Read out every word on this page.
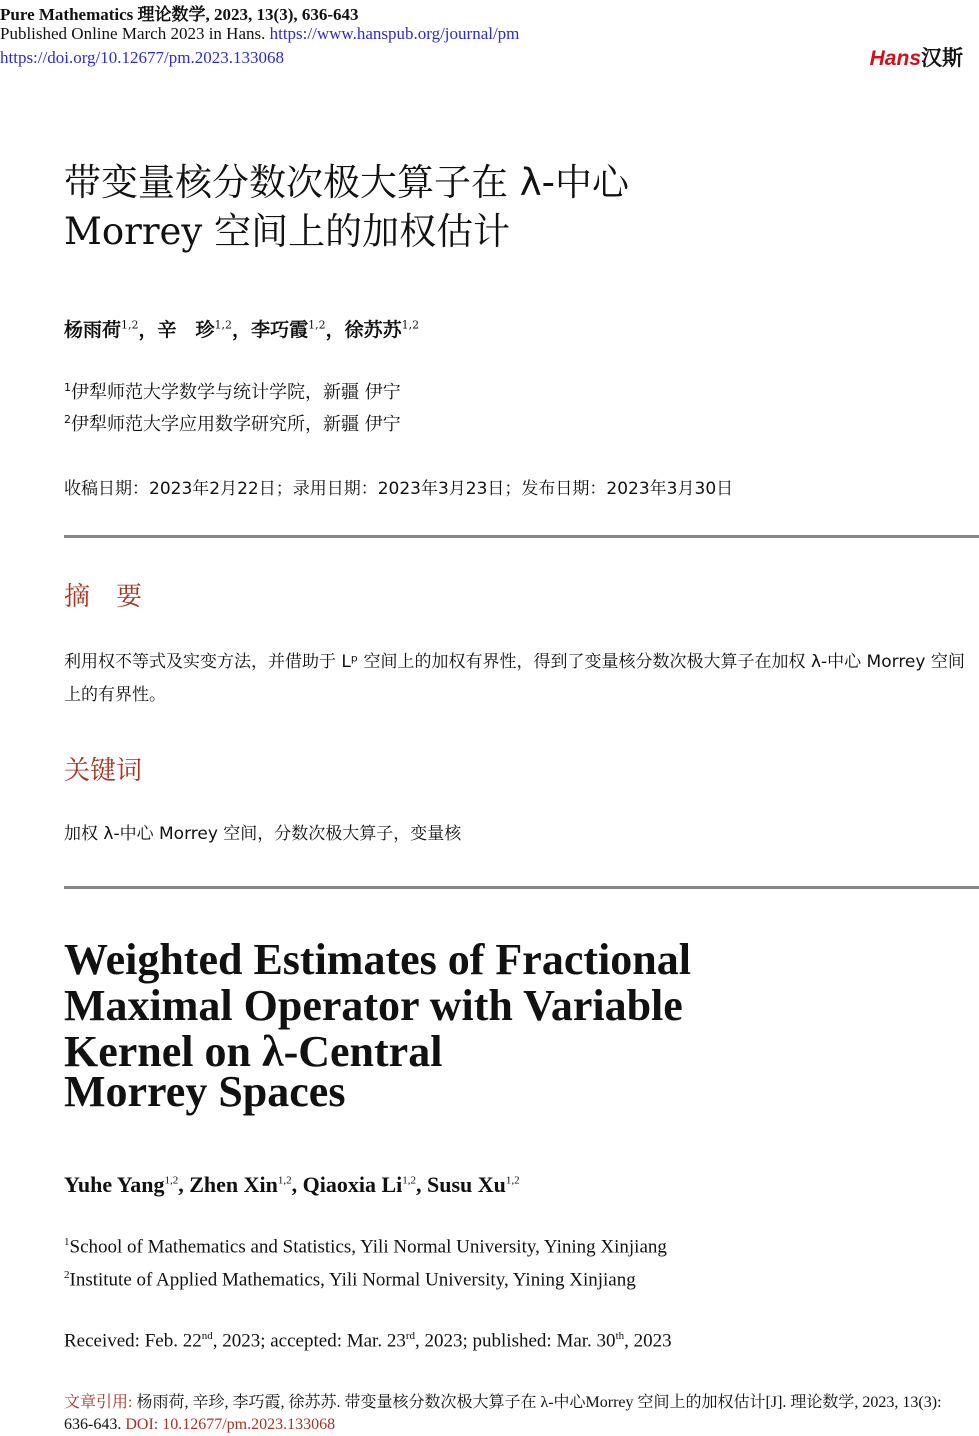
Pure Mathematics 理论数学, 2023, 13(3), 636-643
Published Online March 2023 in Hans. https://www.hanspub.org/journal/pm
https://doi.org/10.12677/pm.2023.133068	Hans汉斯
带变量核分数次极大算子在 λ-中心
Morrey 空间上的加权估计
杨雨荷$^{1,2}$，辛　珍$^{1,2}$，李巧霞$^{1,2}$，徐苏苏$^{1,2}$
$^1$伊犁师范大学数学与统计学院，新疆 伊宁
$^2$伊犁师范大学应用数学研究所，新疆 伊宁
收稿日期：2023年2月22日；录用日期：2023年3月23日；发布日期：2023年3月30日
摘　要
利用权不等式及实变方法，并借助于 Lᵖ 空间上的加权有界性，得到了变量核分数次极大算子在加权 λ-中心 Morrey 空间上的有界性。
关键词
加权 λ-中心 Morrey 空间，分数次极大算子，变量核
Weighted Estimates of Fractional
Maximal Operator with Variable
Kernel on λ-Central
Morrey Spaces
Yuhe Yang$^{1,2}$, Zhen Xin$^{1,2}$, Qiaoxia Li$^{1,2}$, Susu Xu$^{1,2}$
$^1$School of Mathematics and Statistics, Yili Normal University, Yining Xinjiang
$^2$Institute of Applied Mathematics, Yili Normal University, Yining Xinjiang
Received: Feb. 22nd, 2023; accepted: Mar. 23rd, 2023; published: Mar. 30th, 2023
文章引用: 杨雨荷, 辛珍, 李巧霞, 徐苏苏. 带变量核分数次极大算子在 λ-中心Morrey 空间上的加权估计[J]. 理论数学, 2023, 13(3): 636-643. DOI: 10.12677/pm.2023.133068
